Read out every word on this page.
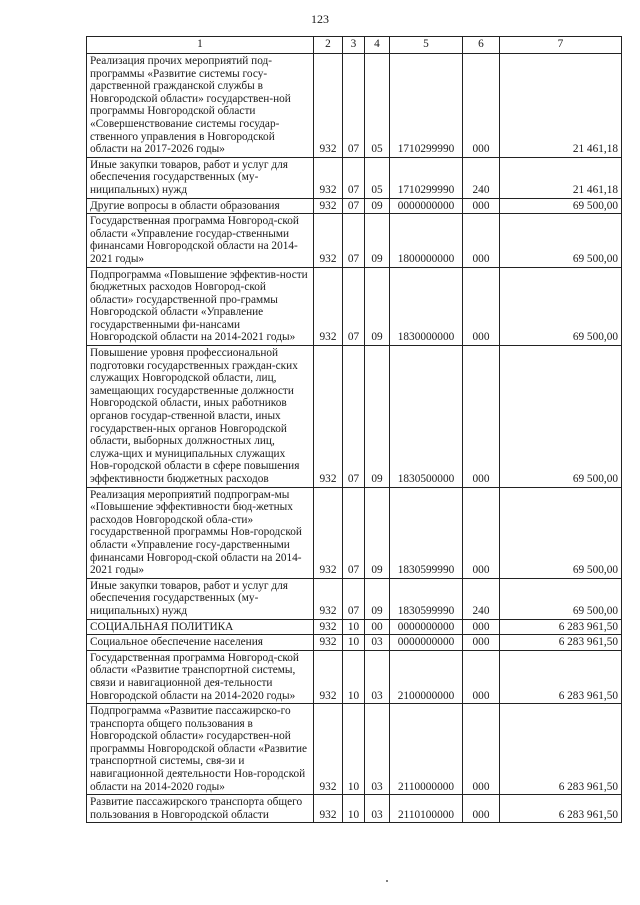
123
1	2	3	4	5	6	7
Реализация прочих мероприятий под-программы «Развитие системы госу-дарственной гражданской службы в Новгородской области» государствен-ной программы Новгородской области «Совершенствование системы государ-ственного управления в Новгородской области на 2017-2026 годы»	932	07	05	1710299990	000	21 461,18
Иные закупки товаров, работ и услуг для обеспечения государственных (му-ниципальных) нужд	932	07	05	1710299990	240	21 461,18
Другие вопросы в области образования	932	07	09	0000000000	000	69 500,00
Государственная программа Новгород-ской области «Управление государ-ственными финансами Новгородской области на 2014-2021 годы»	932	07	09	1800000000	000	69 500,00
Подпрограмма «Повышение эффектив-ности бюджетных расходов Новгород-ской области» государственной про-граммы Новгородской области «Управление государственными фи-нансами Новгородской области на 2014-2021 годы»	932	07	09	1830000000	000	69 500,00
Повышение уровня профессиональной подготовки государственных граждан-ских служащих Новгородской области, лиц, замещающих государственные должности Новгородской области, иных работников органов государ-ственной власти, иных государствен-ных органов Новгородской области, выборных должностных лиц, служа-щих и муниципальных служащих Нов-городской области в сфере повышения эффективности бюджетных расходов	932	07	09	1830500000	000	69 500,00
Реализация мероприятий подпрограм-мы «Повышение эффективности бюд-жетных расходов Новгородской обла-сти» государственной программы Нов-городской области «Управление госу-дарственными финансами Новгород-ской области на 2014-2021 годы»	932	07	09	1830599990	000	69 500,00
Иные закупки товаров, работ и услуг для обеспечения государственных (му-ниципальных) нужд	932	07	09	1830599990	240	69 500,00
СОЦИАЛЬНАЯ ПОЛИТИКА	932	10	00	0000000000	000	6 283 961,50
Социальное обеспечение населения	932	10	03	0000000000	000	6 283 961,50
Государственная программа Новгород-ской области «Развитие транспортной системы, связи и навигационной дея-тельности Новгородской области на 2014-2020 годы»	932	10	03	2100000000	000	6 283 961,50
Подпрограмма «Развитие пассажирско-го транспорта общего пользования в Новгородской области» государствен-ной программы Новгородской области «Развитие транспортной системы, свя-зи и навигационной деятельности Нов-городской области на 2014-2020 годы»	932	10	03	2110000000	000	6 283 961,50
Развитие пассажирского транспорта общего пользования в Новгородской области	932	10	03	2110100000	000	6 283 961,50
